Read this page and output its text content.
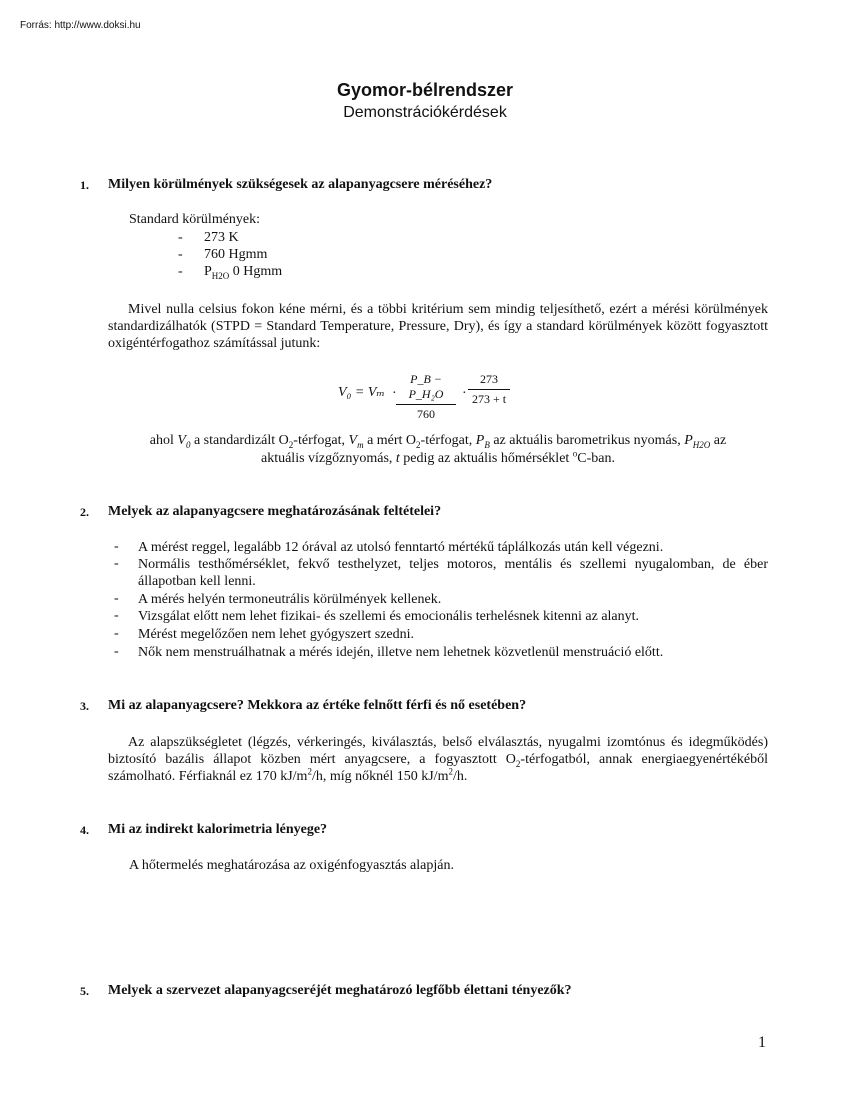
Forrás: http://www.doksi.hu
Gyomor-bélrendszer
Demonstrációkérdések
1. Milyen körülmények szükségesek az alapanyagcsere méréséhez?
Standard körülmények:
- 273 K
- 760 Hgmm
- $P_{H2O}$ 0 Hgmm
Mivel nulla celsius fokon kéne mérni, és a többi kritérium sem mindig teljesíthető, ezért a mérési körülmények standardizálhatók (STPD = Standard Temperature, Pressure, Dry), és így a standard körülmények között fogyasztott oxigéntérfogathoz számítással jutunk:
V₀ = Vₘ ·
P_B − P_H₂O
760
·
273
273 + t
ahol $V_0$ a standardizált $O_2$-térfogat, $V_m$ a mért $O_2$-térfogat, $P_B$ az aktuális barometrikus nyomás, $P_{H2O}$ az
aktuális vízgőznyomás, t pedig az aktuális hőmérséklet $^o$C-ban.
2. Melyek az alapanyagcsere meghatározásának feltételei?
- A mérést reggel, legalább 12 órával az utolsó fenntartó mértékű táplálkozás után kell végezni.
- Normális testhőmérséklet, fekvő testhelyzet, teljes motoros, mentális és szellemi nyugalomban, de éber állapotban kell lenni.
- A mérés helyén termoneutrális körülmények kellenek.
- Vizsgálat előtt nem lehet fizikai- és szellemi és emocionális terhelésnek kitenni az alanyt.
- Mérést megelőzően nem lehet gyógyszert szedni.
- Nők nem menstruálhatnak a mérés idején, illetve nem lehetnek közvetlenül menstruáció előtt.
3. Mi az alapanyagcsere? Mekkora az értéke felnőtt férfi és nő esetében?
Az alapszükségletet (légzés, vérkeringés, kiválasztás, belső elválasztás, nyugalmi izomtónus és idegműködés) biztosító bazális állapot közben mért anyagcsere, a fogyasztott $O_2$-térfogatból, annak energiaegyenértékéből számolható. Férfiaknál ez 170 $kJ/m^2/h$, míg nőknél 150 $kJ/m^2/h$.
4. Mi az indirekt kalorimetria lényege?
A hőtermelés meghatározása az oxigénfogyasztás alapján.
5. Melyek a szervezet alapanyagcseréjét meghatározó legfőbb élettani tényezők?
1
